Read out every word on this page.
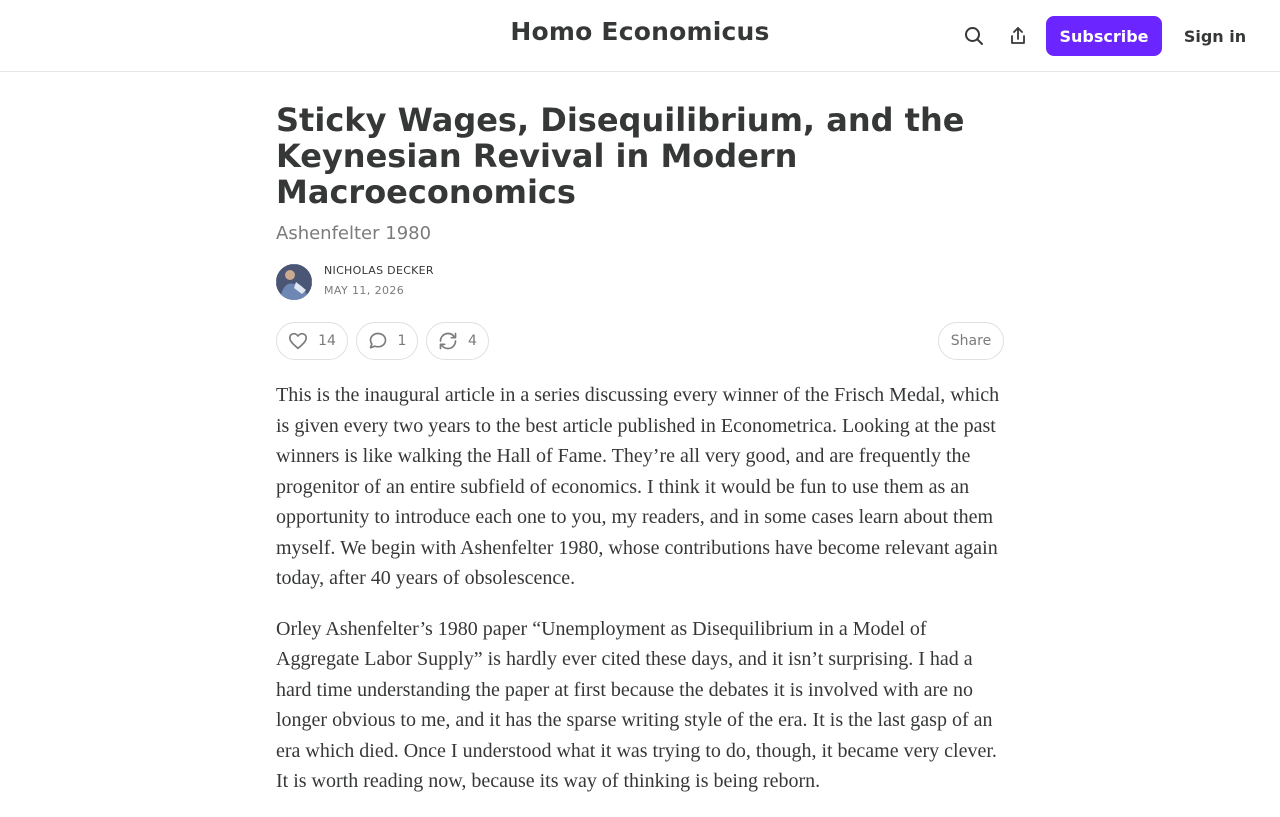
Homo Economicus	Subscribe	Sign in
Sticky Wages, Disequilibrium, and the Keynesian Revival in Modern Macroeconomics
Ashenfelter 1980
NICHOLAS DECKER
MAY 11, 2026
14	1	4	Share

This is the inaugural article in a series discussing every winner of the Frisch Medal, which is given every two years to the best article published in Econometrica. Looking at the past winners is like walking the Hall of Fame. They’re all very good, and are frequently the progenitor of an entire subfield of economics. I think it would be fun to use them as an opportunity to introduce each one to you, my readers, and in some cases learn about them myself. We begin with Ashenfelter 1980, whose contributions have become relevant again today, after 40 years of obsolescence.

Orley Ashenfelter’s 1980 paper “Unemployment as Disequilibrium in a Model of Aggregate Labor Supply” is hardly ever cited these days, and it isn’t surprising. I had a hard time understanding the paper at first because the debates it is involved with are no longer obvious to me, and it has the sparse writing style of the era. It is the last gasp of an era which died. Once I understood what it was trying to do, though, it became very clever. It is worth reading now, because its way of thinking is being reborn.
